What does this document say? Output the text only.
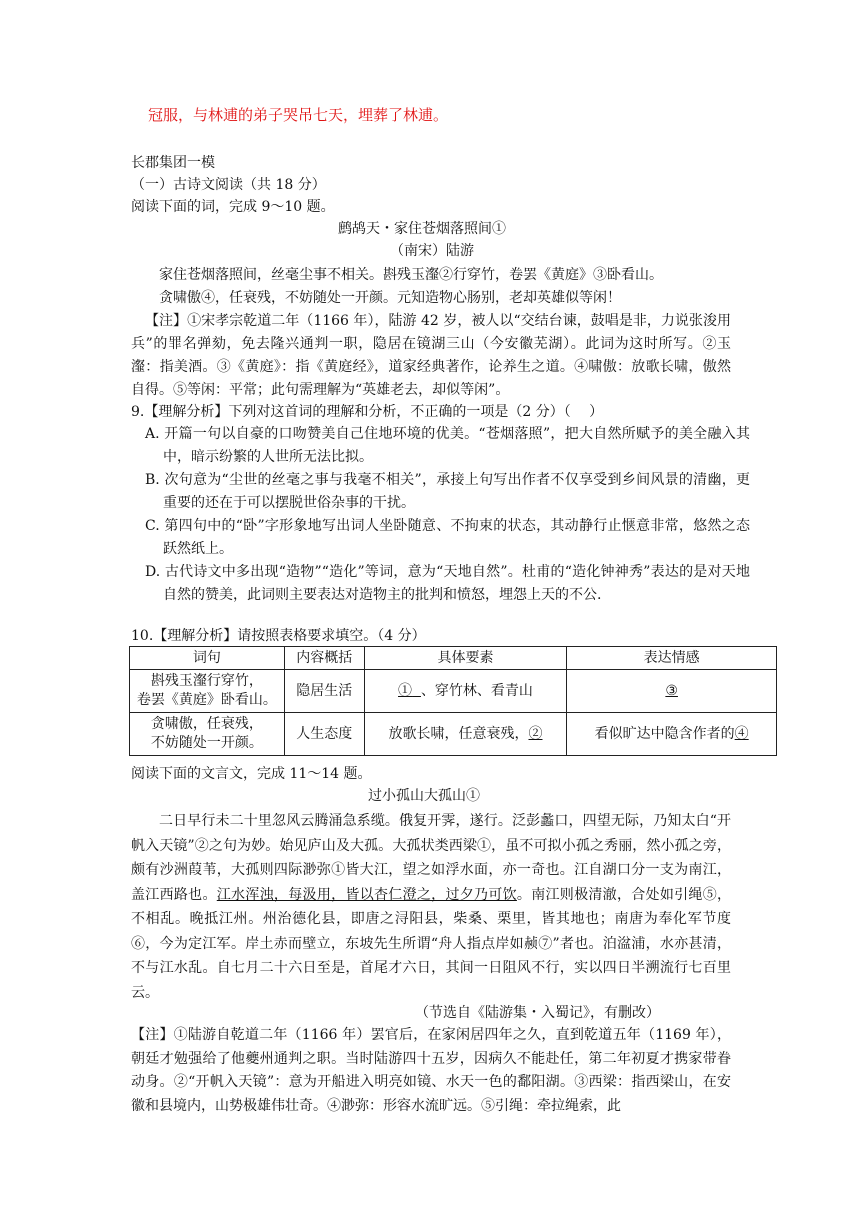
冠服，与林逋的弟子哭吊七天，埋葬了林逋。
长郡集团一模
（一）古诗文阅读（共 18 分）
阅读下面的词，完成 9～10 题。
鹧鸪天・家住苍烟落照间①
（南宋）陆游
家住苍烟落照间，丝毫尘事不相关。斟残玉瀣②行穿竹，卷罢《黄庭》③卧看山。
贪啸傲④，任衰残，不妨随处一开颜。元知造物心肠别，老却英雄似等闲！
【注】①宋孝宗乾道二年（1166 年），陆游 42 岁，被人以“交结台谏，鼓唱是非，力说张浚用兵”的罪名弹劾，免去隆兴通判一职，隐居在镜湖三山（今安徽芜湖）。此词为这时所写。②玉瀣：指美酒。③《黄庭》：指《黄庭经》，道家经典著作，论养生之道。④啸傲：放歌长啸，傲然自得。⑤等闲：平常；此句需理解为“英雄老去，却似等闲”。
9.【理解分析】下列对这首词的理解和分析，不正确的一项是（2 分）（　 ）
A. 开篇一句以自豪的口吻赞美自己住地环境的优美。“苍烟落照”，把大自然所赋予的美全融入其中，暗示纷繁的人世所无法比拟。
B. 次句意为“尘世的丝毫之事与我毫不相关”，承接上句写出作者不仅享受到乡间风景的清幽，更重要的还在于可以摆脱世俗杂事的干扰。
C. 第四句中的“卧”字形象地写出词人坐卧随意、不拘束的状态，其动静行止惬意非常，悠然之态跃然纸上。
D. 古代诗文中多出现“造物”“造化”等词，意为“天地自然”。杜甫的“造化钟神秀”表达的是对天地自然的赞美，此词则主要表达对造物主的批判和愤怒，埋怨上天的不公.
10.【理解分析】请按照表格要求填空。（4 分）
词句	内容概括	具体要素	表达情感

斟残玉瀣行穿竹，
卷罢《黄庭》卧看山。	隐居生活	① 、穿竹林、看青山	③

贪啸傲，任衰残，
不妨随处一开颜。	人生态度	放歌长啸，任意衰残，②	看似旷达中隐含作者的④
阅读下面的文言文，完成 11～14 题。
过小孤山大孤山①
二日早行未二十里忽风云腾涌急系缆。俄复开霁，遂行。泛彭蠡口，四望无际，乃知太白“开帆入天镜”②之句为妙。始见庐山及大孤。大孤状类西梁①，虽不可拟小孤之秀丽，然小孤之旁，颇有沙洲葭苇，大孤则四际渺弥①皆大江，望之如浮水面，亦一奇也。江自湖口分一支为南江，盖江西路也。江水浑浊，每汲用，皆以杏仁澄之，过夕乃可饮。南江则极清澈，合处如引绳⑤，不相乱。晚抵江州。州治德化县，即唐之浔阳县，柴桑、栗里，皆其地也；南唐为奉化军节度⑥，今为定江军。岸土赤而壁立，东坡先生所谓“舟人指点岸如赪⑦”者也。泊湓浦，水亦甚清，不与江水乱。自七月二十六日至是，首尾才六日，其间一日阻风不行，实以四日半溯流行七百里云。
（节选自《陆游集・入蜀记》，有删改）
【注】①陆游自乾道二年（1166 年）罢官后，在家闲居四年之久，直到乾道五年（1169 年），朝廷才勉强给了他夔州通判之职。当时陆游四十五岁，因病久不能赴任，第二年初夏才携家带眷动身。②“开帆入天镜”：意为开船进入明亮如镜、水天一色的鄱阳湖。③西梁：指西梁山，在安徽和县境内，山势极雄伟壮奇。④渺弥：形容水流旷远。⑤引绳：牵拉绳索，此
